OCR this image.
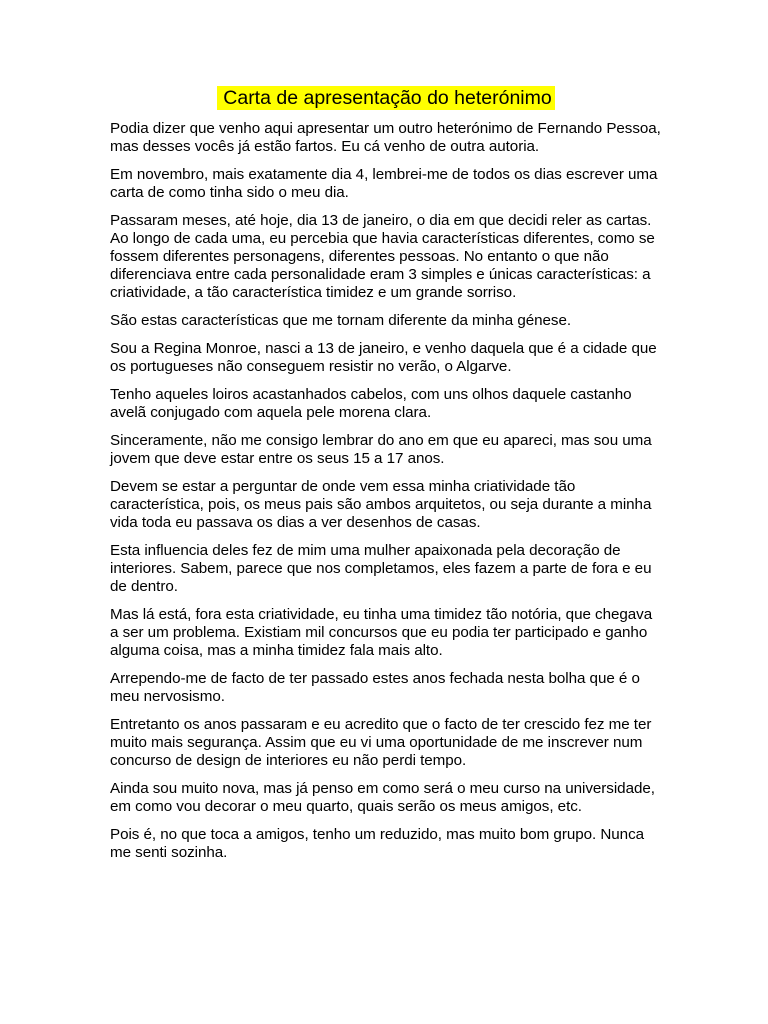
Carta de apresentação do heterónimo

Podia dizer que venho aqui apresentar um outro heterónimo de Fernando Pessoa, mas desses vocês já estão fartos. Eu cá venho de outra autoria.

Em novembro, mais exatamente dia 4, lembrei-me de todos os dias escrever uma carta de como tinha sido o meu dia.

Passaram meses, até hoje, dia 13 de janeiro, o dia em que decidi reler as cartas. Ao longo de cada uma, eu percebia que havia características diferentes, como se fossem diferentes personagens, diferentes pessoas. No entanto o que não diferenciava entre cada personalidade eram 3 simples e únicas características: a criatividade, a tão característica timidez e um grande sorriso.

São estas características que me tornam diferente da minha génese.

Sou a Regina Monroe, nasci a 13 de janeiro, e venho daquela que é a cidade que os portugueses não conseguem resistir no verão, o Algarve.

Tenho aqueles loiros acastanhados cabelos, com uns olhos daquele castanho avelã conjugado com aquela pele morena clara.

Sinceramente, não me consigo lembrar do ano em que eu apareci, mas sou uma jovem que deve estar entre os seus 15 a 17 anos.

Devem se estar a perguntar de onde vem essa minha criatividade tão característica, pois, os meus pais são ambos arquitetos, ou seja durante a minha vida toda eu passava os dias a ver desenhos de casas.

Esta influencia deles fez de mim uma mulher apaixonada pela decoração de interiores. Sabem, parece que nos completamos, eles fazem a parte de fora e eu de dentro.

Mas lá está, fora esta criatividade, eu tinha uma timidez tão notória, que chegava a ser um problema. Existiam mil concursos que eu podia ter participado e ganho alguma coisa, mas a minha timidez fala mais alto.

Arrependo-me de facto de ter passado estes anos fechada nesta bolha que é o meu nervosismo.

Entretanto os anos passaram e eu acredito que o facto de ter crescido fez me ter muito mais segurança. Assim que eu vi uma oportunidade de me inscrever num concurso de design de interiores eu não perdi tempo.

Ainda sou muito nova, mas já penso em como será o meu curso na universidade, em como vou decorar o meu quarto, quais serão os meus amigos, etc.

Pois é, no que toca a amigos, tenho um reduzido, mas muito bom grupo. Nunca me senti sozinha.
